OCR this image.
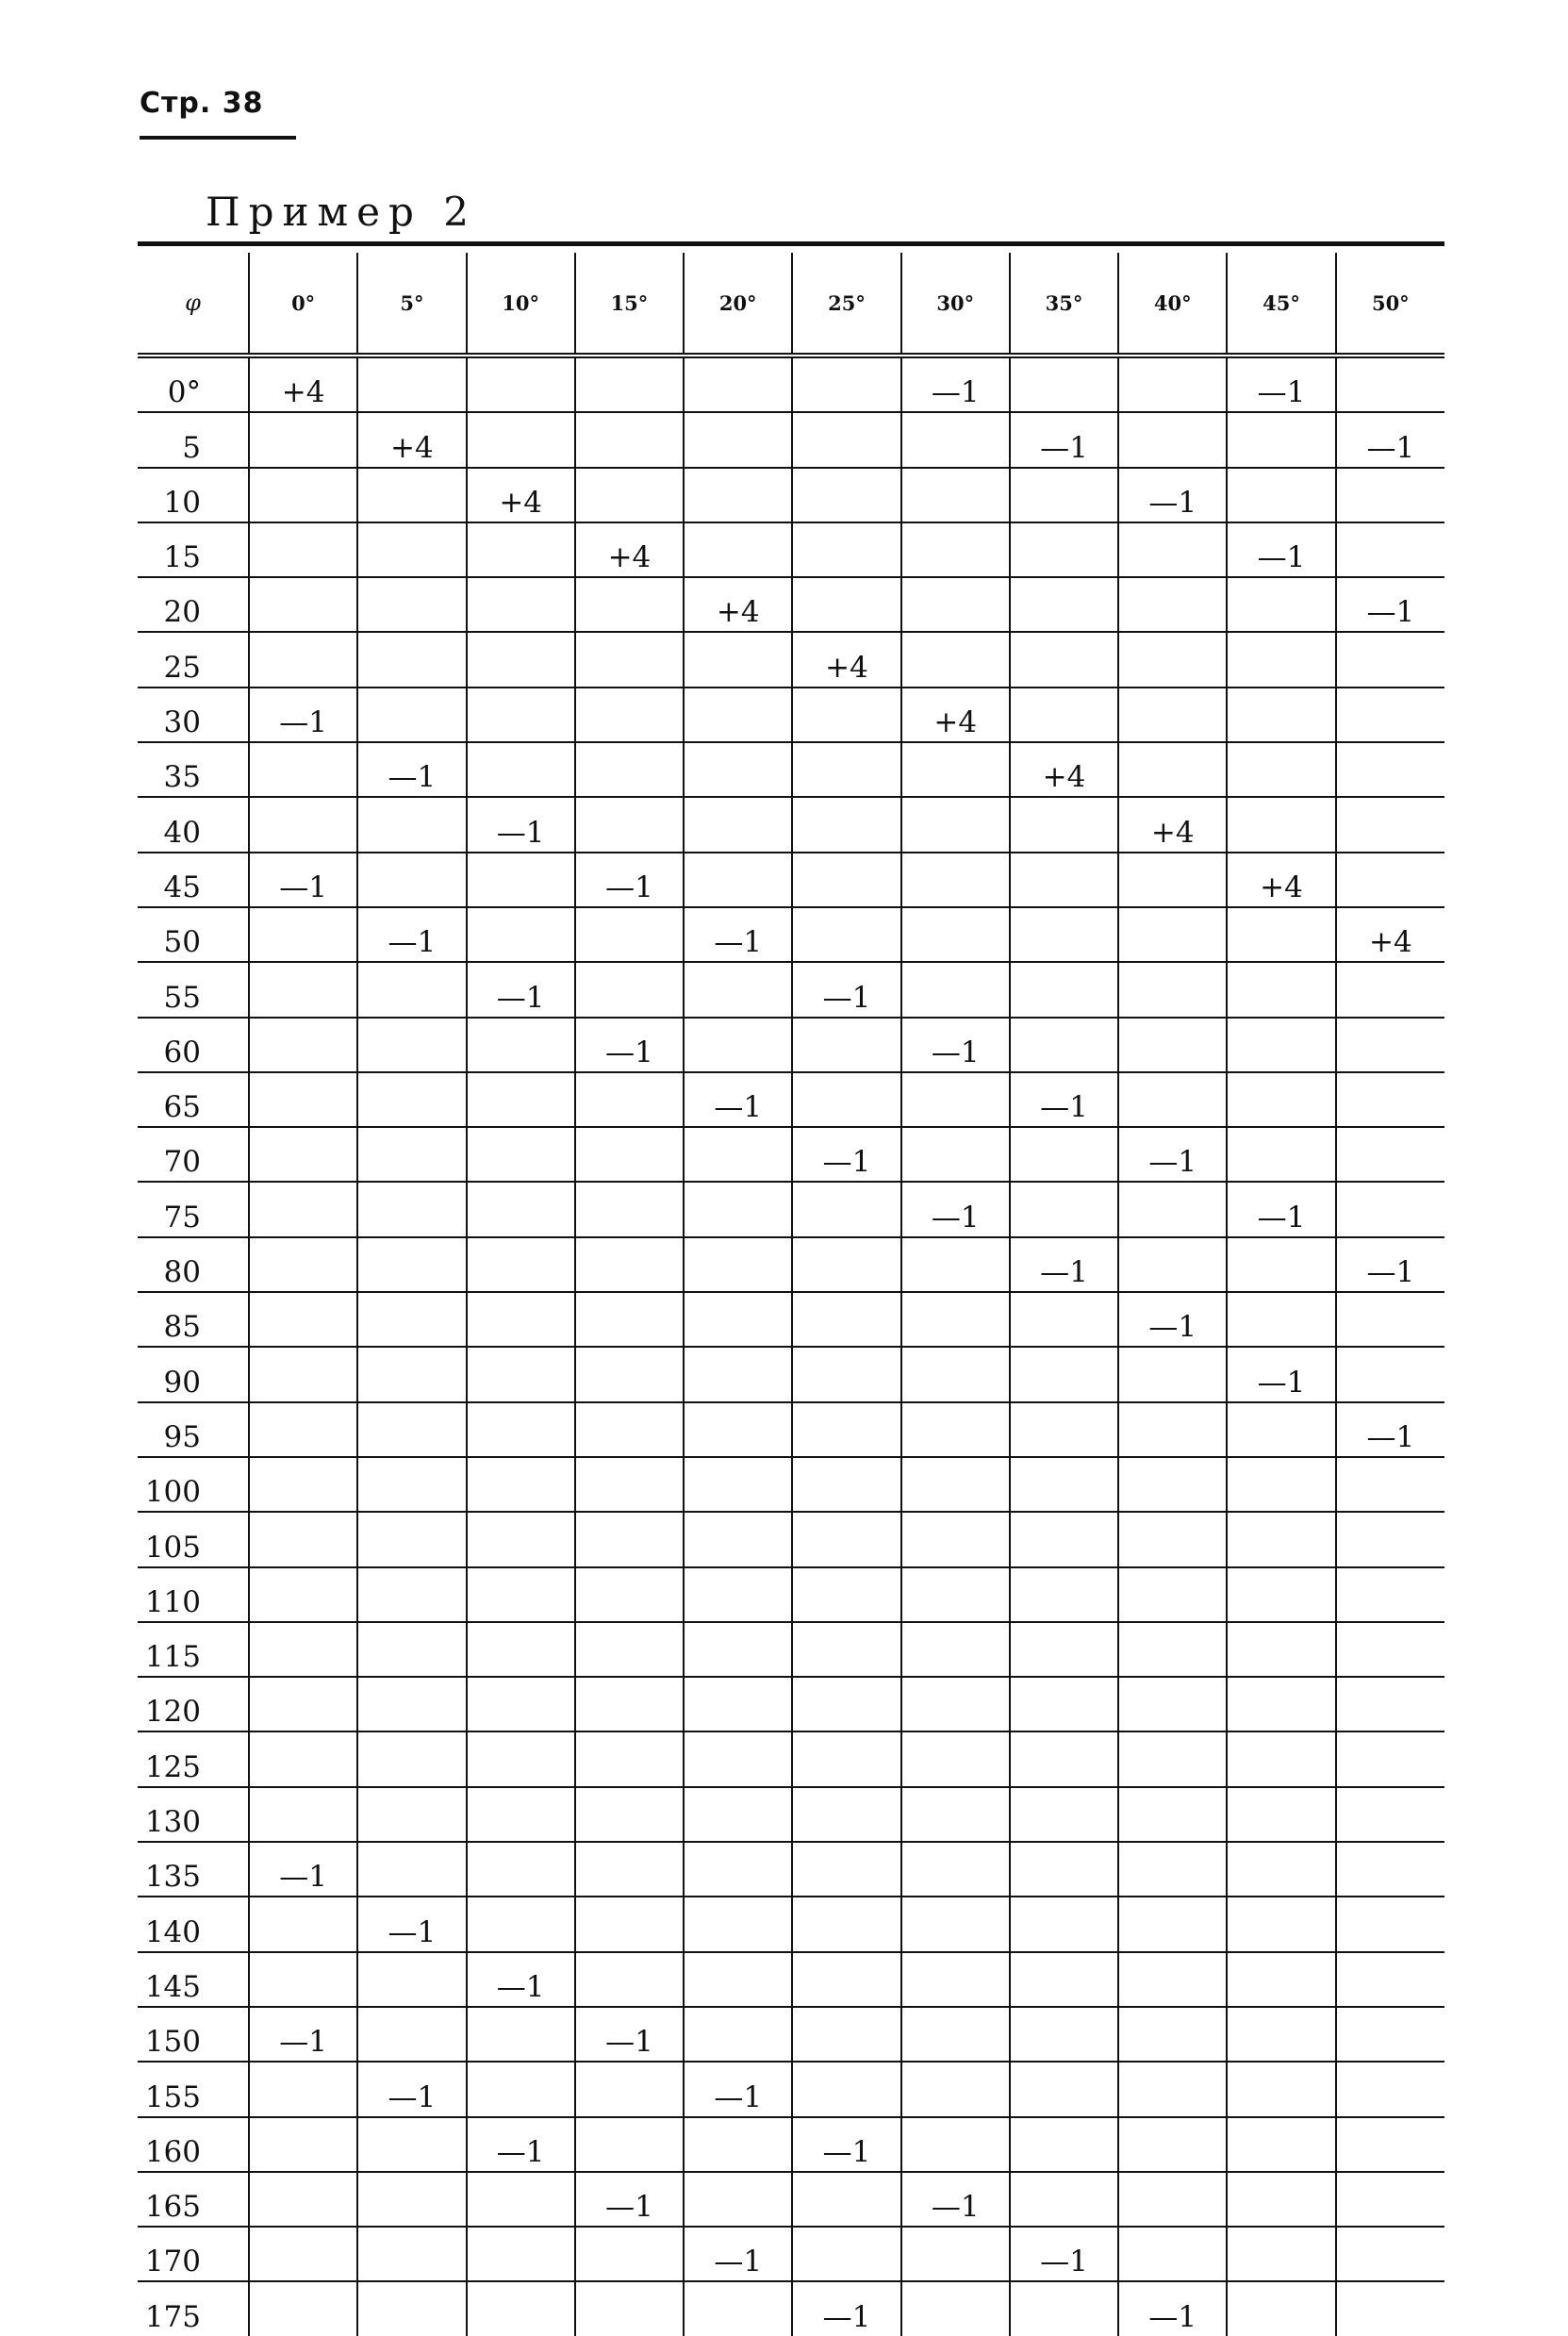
Стр. 38
Пример 2
φ	0°	5°	10°	15°	20°	25°	30°	35°	40°	45°	50°
0°	+4						—1			—1	
5		+4						—1			—1
10			+4						—1		
15				+4						—1	
20					+4						—1
25						+4					
30	—1						+4				
35		—1						+4			
40			—1						+4		
45	—1			—1						+4	
50		—1			—1						+4
55			—1			—1					
60				—1			—1				
65					—1			—1			
70						—1			—1		
75							—1			—1	
80								—1			—1
85									—1		
90										—1	
95											—1
100											
105											
110											
115											
120											
125											
130											
135	—1										
140		—1									
145			—1								
150	—1			—1							
155		—1			—1						
160			—1			—1					
165				—1			—1				
170					—1			—1			
175						—1			—1		
